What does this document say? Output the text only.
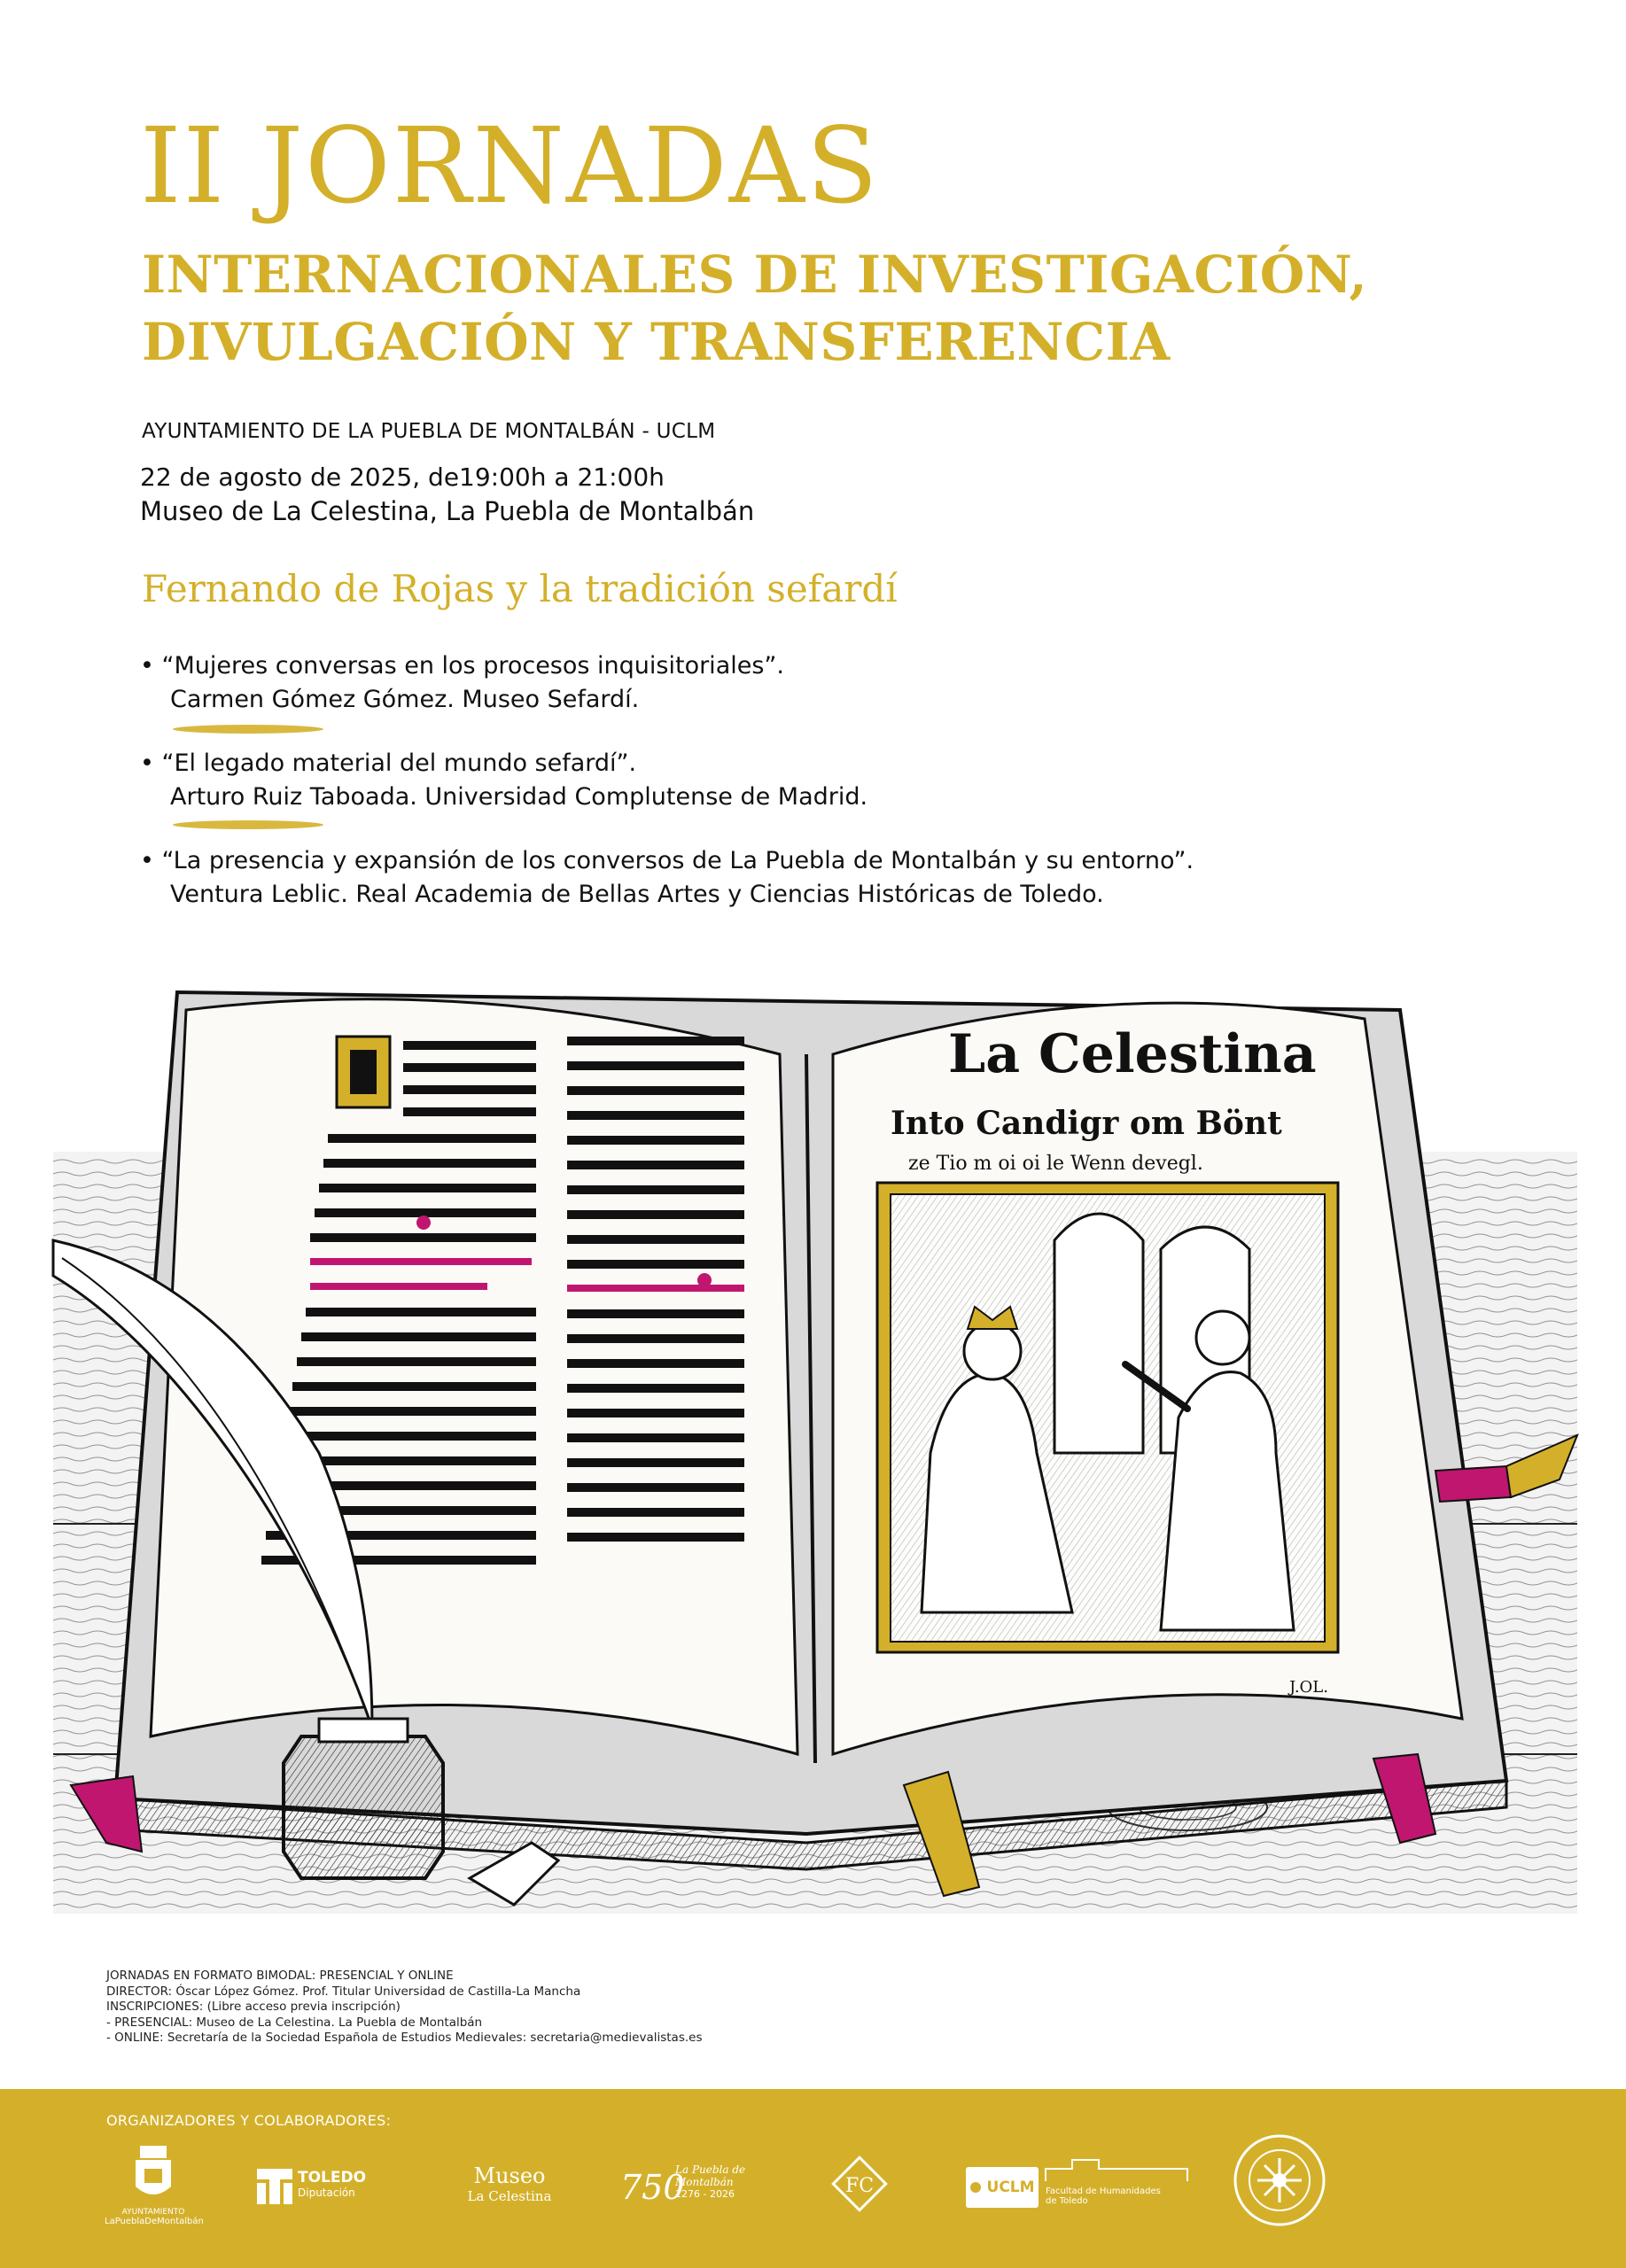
II JORNADAS
INTERNACIONALES DE INVESTIGACIÓN,
DIVULGACIÓN Y TRANSFERENCIA
AYUNTAMIENTO DE LA PUEBLA DE MONTALBÁN - UCLM
22 de agosto de 2025, de19:00h a 21:00h
Museo de La Celestina, La Puebla de Montalbán
Fernando de Rojas y la tradición sefardí
• “Mujeres conversas en los procesos inquisitoriales”.
Carmen Gómez Gómez. Museo Sefardí.
• “El legado material del mundo sefardí”.
Arturo Ruiz Taboada. Universidad Complutense de Madrid.
• “La presencia y expansión de los conversos de La Puebla de Montalbán y su entorno”.
Ventura Leblic. Real Academia de Bellas Artes y Ciencias Históricas de Toledo.
La Celestina
Into Candigr om Bönt
ze Tio m oi oi le Wenn devegl.
J.OL.
JORNADAS EN FORMATO BIMODAL: PRESENCIAL Y ONLINE
DIRECTOR: Óscar López Gómez. Prof. Titular Universidad de Castilla-La Mancha
INSCRIPCIONES: (Libre acceso previa inscripción)
- PRESENCIAL: Museo de La Celestina. La Puebla de Montalbán
- ONLINE: Secretaría de la Sociedad Española de Estudios Medievales: secretaria@medievalistas.es
ORGANIZADORES Y COLABORADORES:
AYUNTAMIENTO
LaPueblaDeMontalbán
TOLEDO
Diputación
Museo
La Celestina	750
La Puebla de Montalbán
1276 - 2026	FC	UCLM	Facultad de Humanidades
de Toledo
